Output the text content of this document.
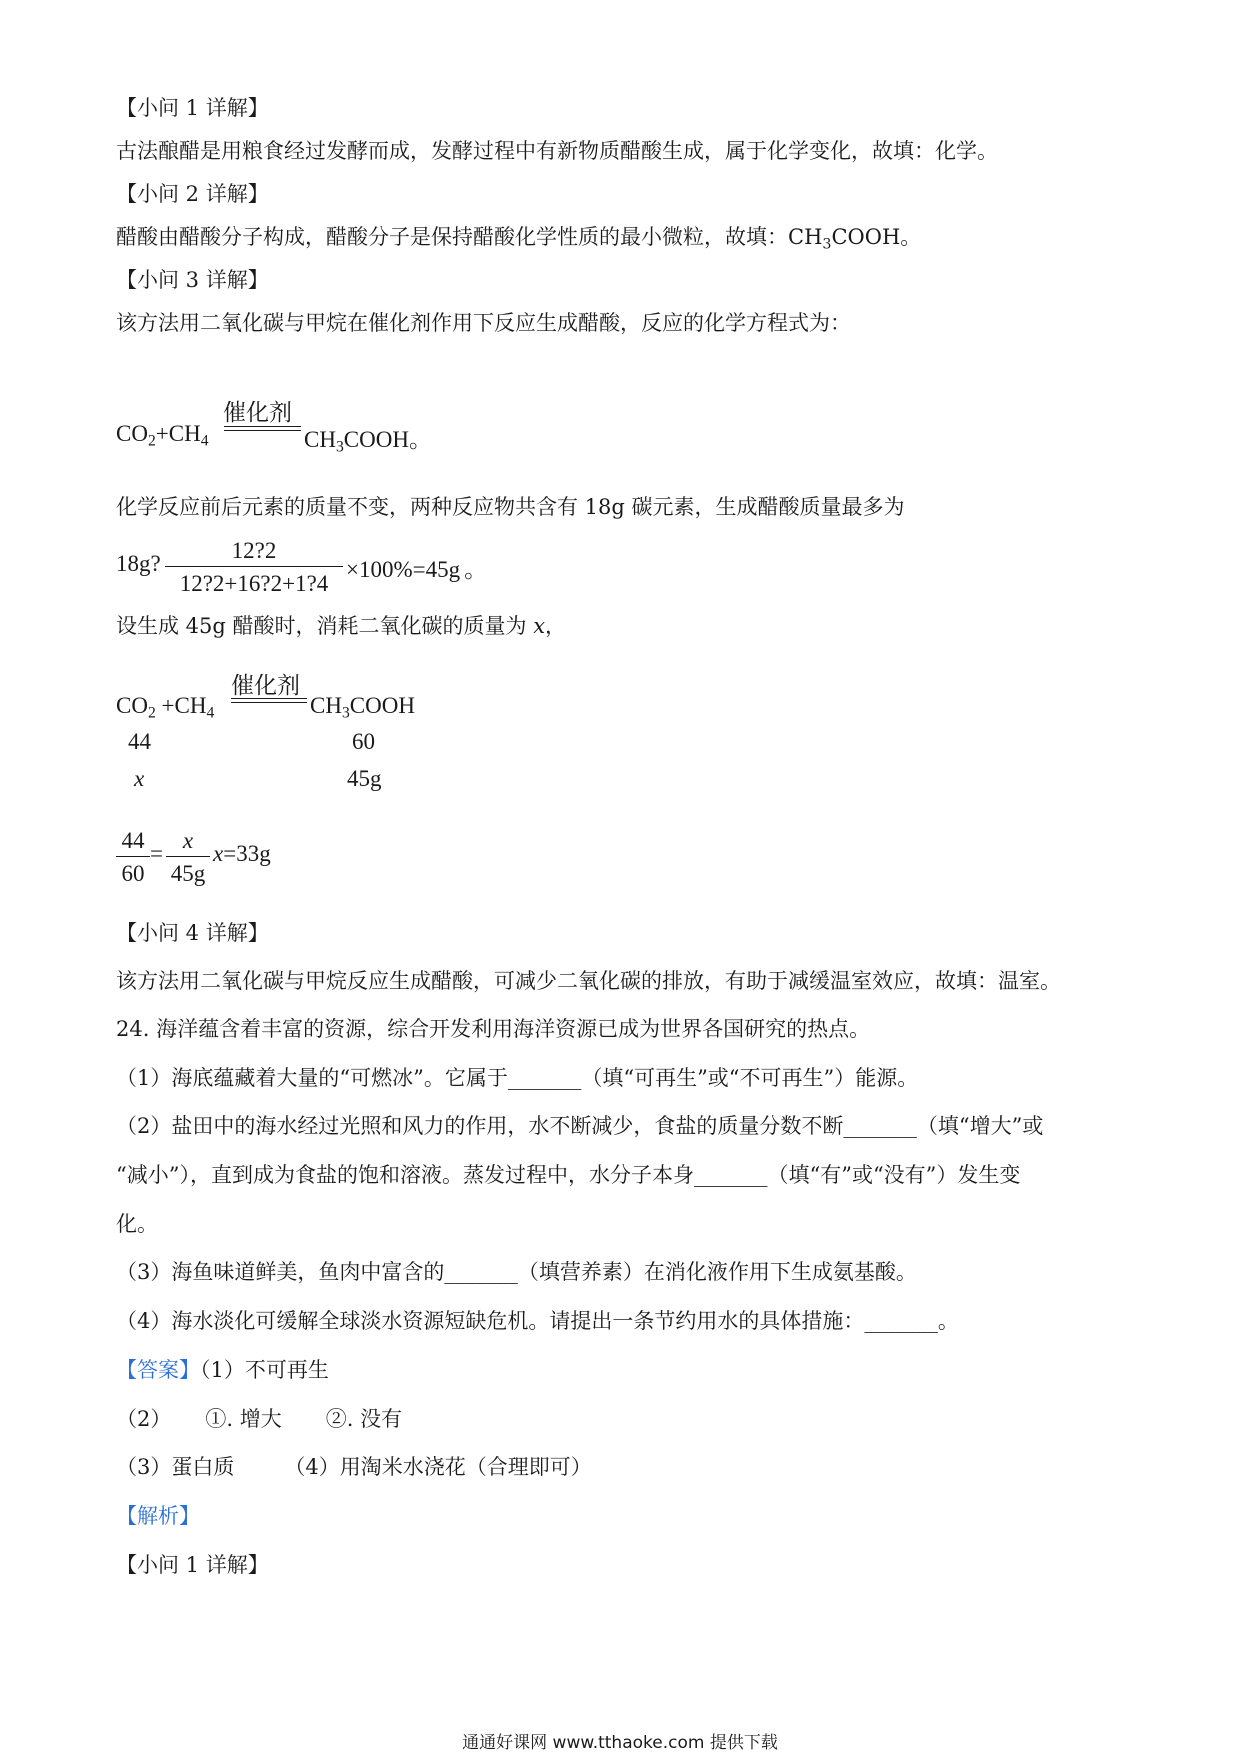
【小问 1 详解】
古法酿醋是用粮食经过发酵而成，发酵过程中有新物质醋酸生成，属于化学变化，故填：化学。
【小问 2 详解】
醋酸由醋酸分子构成，醋酸分子是保持醋酸化学性质的最小微粒，故填：$CH_3COOH$。
【小问 3 详解】
该方法用二氧化碳与甲烷在催化剂作用下反应生成醋酸，反应的化学方程式为：
催化剂
$CO_2+CH_4$	$CH_3COOH$。
化学反应前后元素的质量不变，两种反应物共含有 18g 碳元素，生成醋酸质量最多为
18g? $\frac{12?2}{12?2+16?2+1?4} \times 100\%=45g$ 。
设生成 45g 醋酸时，消耗二氧化碳的质量为 x，
催化剂
$CO_2 +CH_4$	$CH_3COOH$
44	60
x	45g
$\frac{44}{60} = \frac{x}{45g} x=33g$
【小问 4 详解】
该方法用二氧化碳与甲烷反应生成醋酸，可减少二氧化碳的排放，有助于减缓温室效应，故填：温室。
24. 海洋蕴含着丰富的资源，综合开发利用海洋资源已成为世界各国研究的热点。
（1）海底蕴藏着大量的“可燃冰”。它属于_______（填“可再生”或“不可再生”）能源。
（2）盐田中的海水经过光照和风力的作用，水不断减少，食盐的质量分数不断_______（填“增大”或
“减小”），直到成为食盐的饱和溶液。蒸发过程中，水分子本身_______（填“有”或“没有”）发生变
化。
（3）海鱼味道鲜美，鱼肉中富含的_______（填营养素）在消化液作用下生成氨基酸。
（4）海水淡化可缓解全球淡水资源短缺危机。请提出一条节约用水的具体措施：_______。
【答案】（1）不可再生
（2） ①. 增大 ②. 没有
（3）蛋白质 （4）用淘米水浇花（合理即可）
【解析】
【小问 1 详解】
通通好课网 www.tthaoke.com 提供下载
